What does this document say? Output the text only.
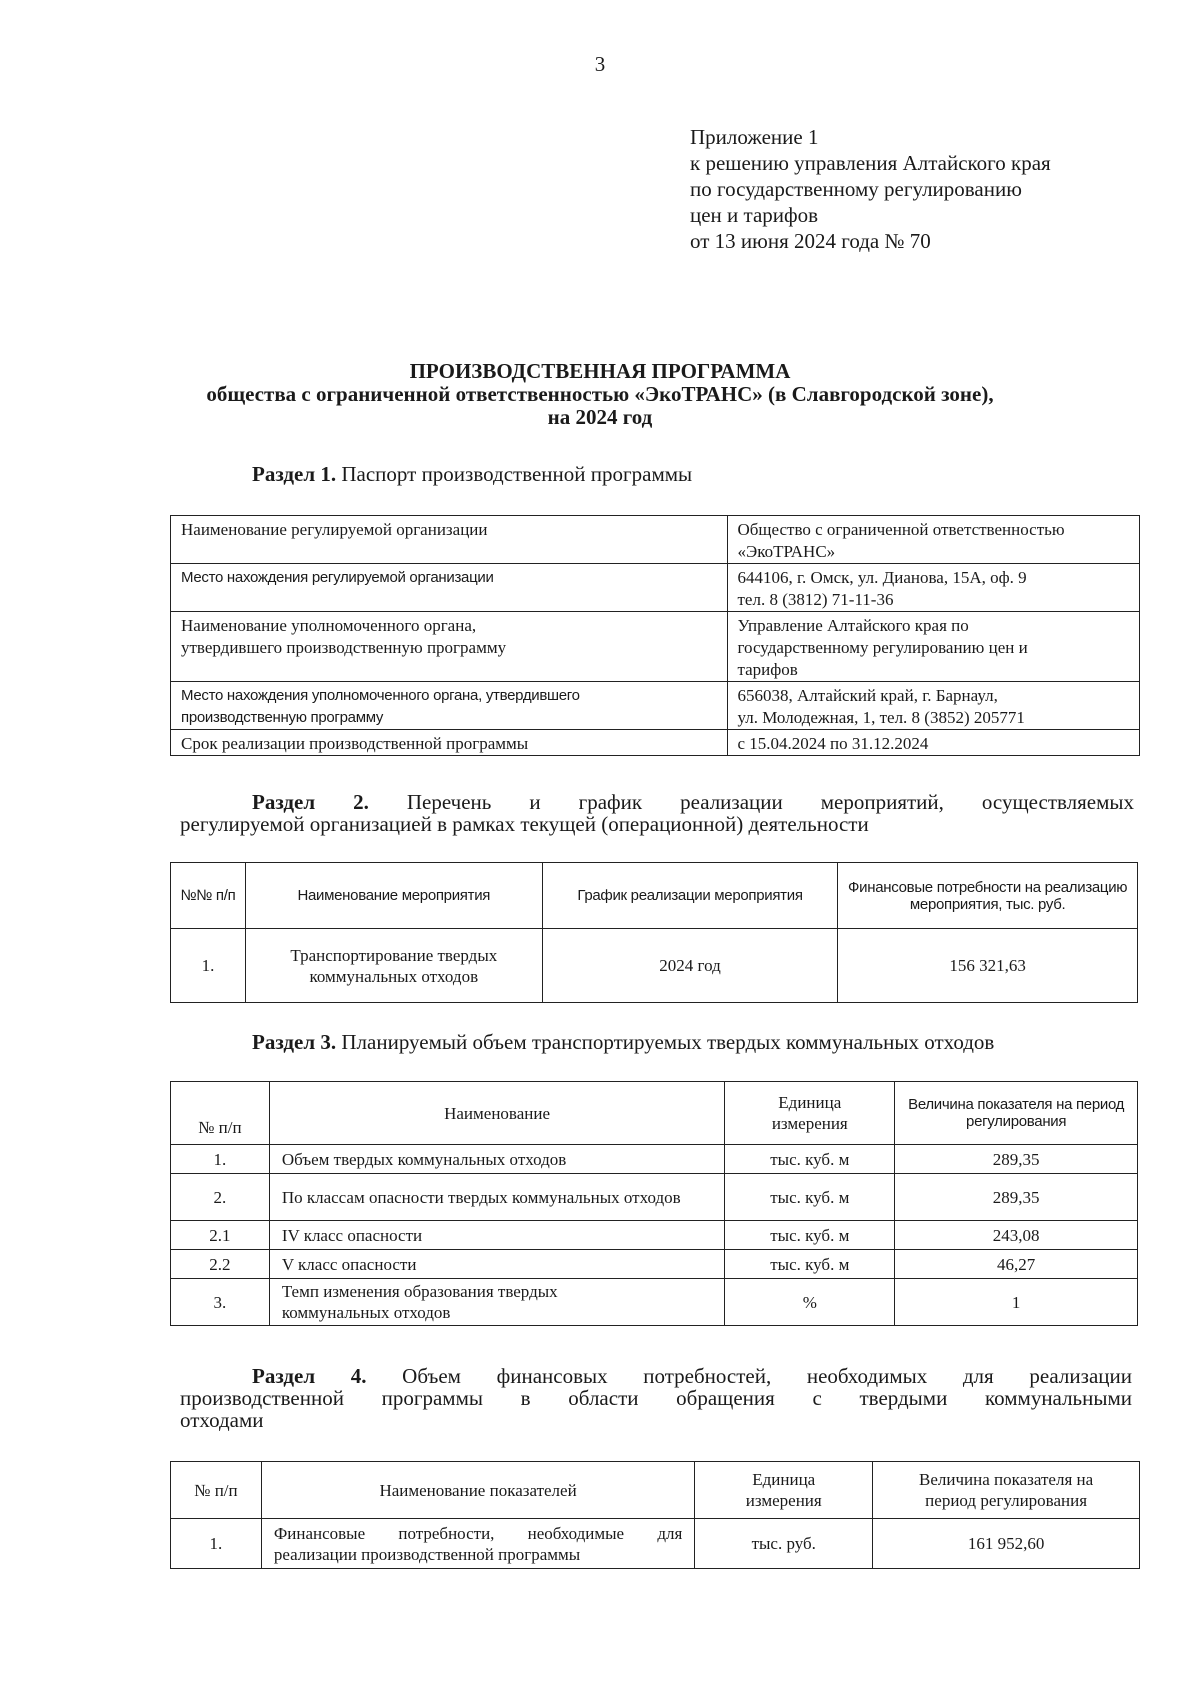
3
Приложение 1
к решению управления Алтайского края
по государственному регулированию
цен и тарифов
от 13 июня 2024 года № 70
ПРОИЗВОДСТВЕННАЯ ПРОГРАММА
общества с ограниченной ответственностью «ЭкоТРАНС» (в Славгородской зоне),
на 2024 год
Раздел 1. Паспорт производственной программы
Наименование регулируемой организации	Общество с ограниченной ответственностью
«ЭкоТРАНС»

Место нахождения регулируемой организации	644106, г. Омск, ул. Дианова, 15А, оф. 9
тел. 8 (3812) 71-11-36

Наименование уполномоченного органа, утвердившего производственную программу	Управление Алтайского края по
государственному регулированию цен и
тарифов

Место нахождения уполномоченного органа, утвердившего производственную программу	656038, Алтайский край, г. Барнаул,
ул. Молодежная, 1, тел. 8 (3852) 205771

Срок реализации производственной программы	с 15.04.2024 по 31.12.2024
Раздел 2. Перечень и график реализации мероприятий, осуществляемых
регулируемой организацией в рамках текущей (операционной) деятельности
№№ п/п	Наименование мероприятия	График реализации мероприятия	Финансовые потребности на реализацию мероприятия, тыс. руб.
1.	Транспортирование твердых коммунальных отходов	2024 год	156 321,63
Раздел 3. Планируемый объем транспортируемых твердых коммунальных отходов
№ п/п	Наименование	Единица измерения	Величина показателя на период регулирования
1.	Объем твердых коммунальных отходов	тыс. куб. м	289,35
2.	По классам опасности твердых коммунальных отходов	тыс. куб. м	289,35
2.1	IV класс опасности	тыс. куб. м	243,08
2.2	V класс опасности	тыс. куб. м	46,27
3.	Темп изменения образования твердых коммунальных отходов	%	1
Раздел 4. Объем финансовых потребностей, необходимых для реализации
производственной программы в области обращения с твердыми коммунальными
отходами
№ п/п	Наименование показателей	Единица измерения	Величина показателя на период регулирования
1.	Финансовые потребности, необходимые для
реализации производственной программы	тыс. руб.	161 952,60
